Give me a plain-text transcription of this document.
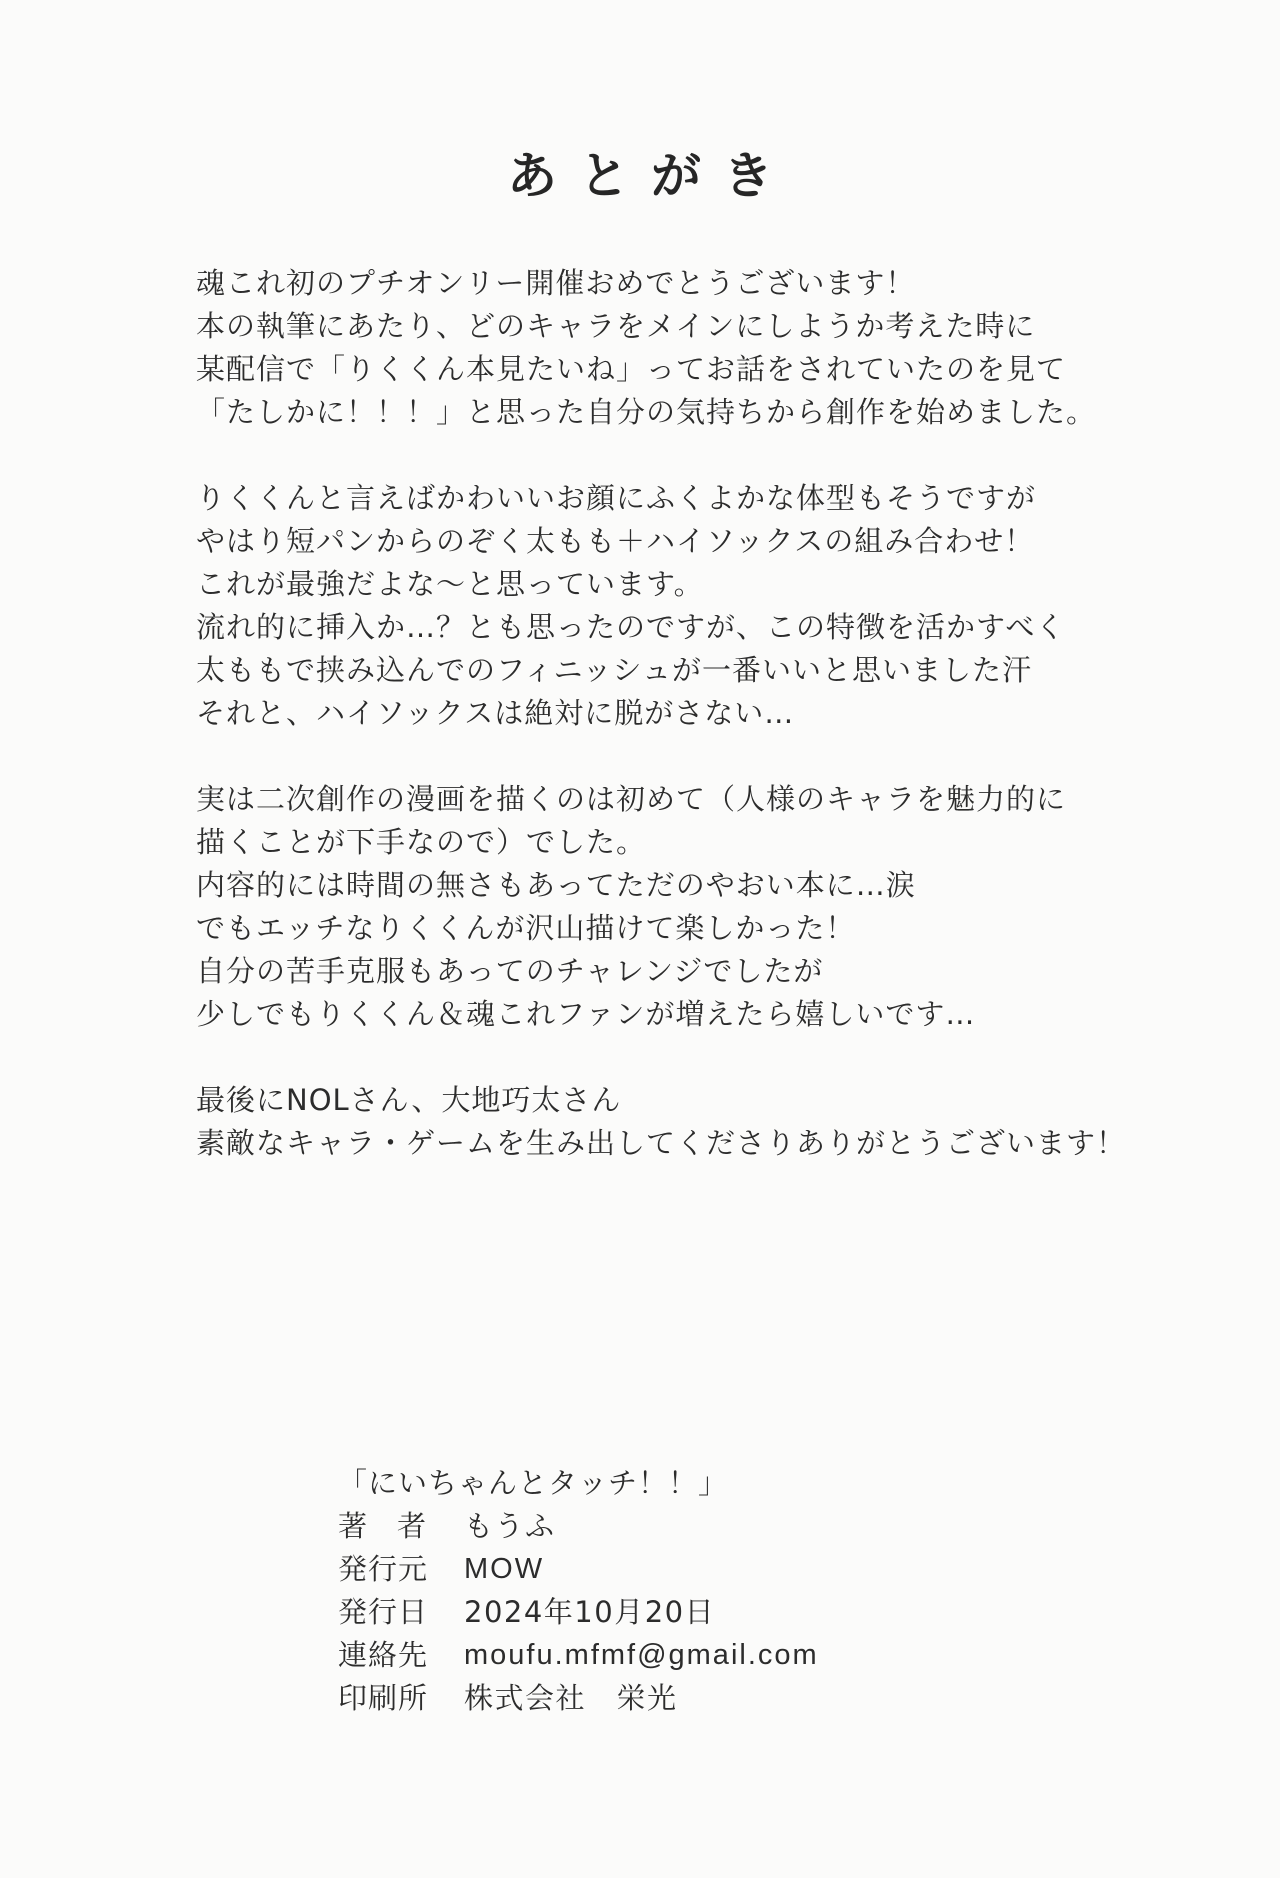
あとがき
魂これ初のプチオンリー開催おめでとうございます！
本の執筆にあたり、どのキャラをメインにしようか考えた時に
某配信で「りくくん本見たいね」ってお話をされていたのを見て
「たしかに！！！」と思った自分の気持ちから創作を始めました。
りくくんと言えばかわいいお顔にふくよかな体型もそうですが
やはり短パンからのぞく太もも＋ハイソックスの組み合わせ！
これが最強だよな〜と思っています。
流れ的に挿入か…？とも思ったのですが、この特徴を活かすべく
太ももで挟み込んでのフィニッシュが一番いいと思いました汗
それと、ハイソックスは絶対に脱がさない…
実は二次創作の漫画を描くのは初めて（人様のキャラを魅力的に
描くことが下手なので）でした。
内容的には時間の無さもあってただのやおい本に…涙
でもエッチなりくくんが沢山描けて楽しかった！
自分の苦手克服もあってのチャレンジでしたが
少しでもりくくん＆魂これファンが増えたら嬉しいです…
最後にNOLさん、大地巧太さん
素敵なキャラ・ゲームを生み出してくださりありがとうございます！
「にいちゃんとタッチ！！」
著者 もうふ
発行元	MOW
発行日	2024年10月20日
連絡先	moufu.mfmf@gmail.com
印刷所	株式会社　栄光
